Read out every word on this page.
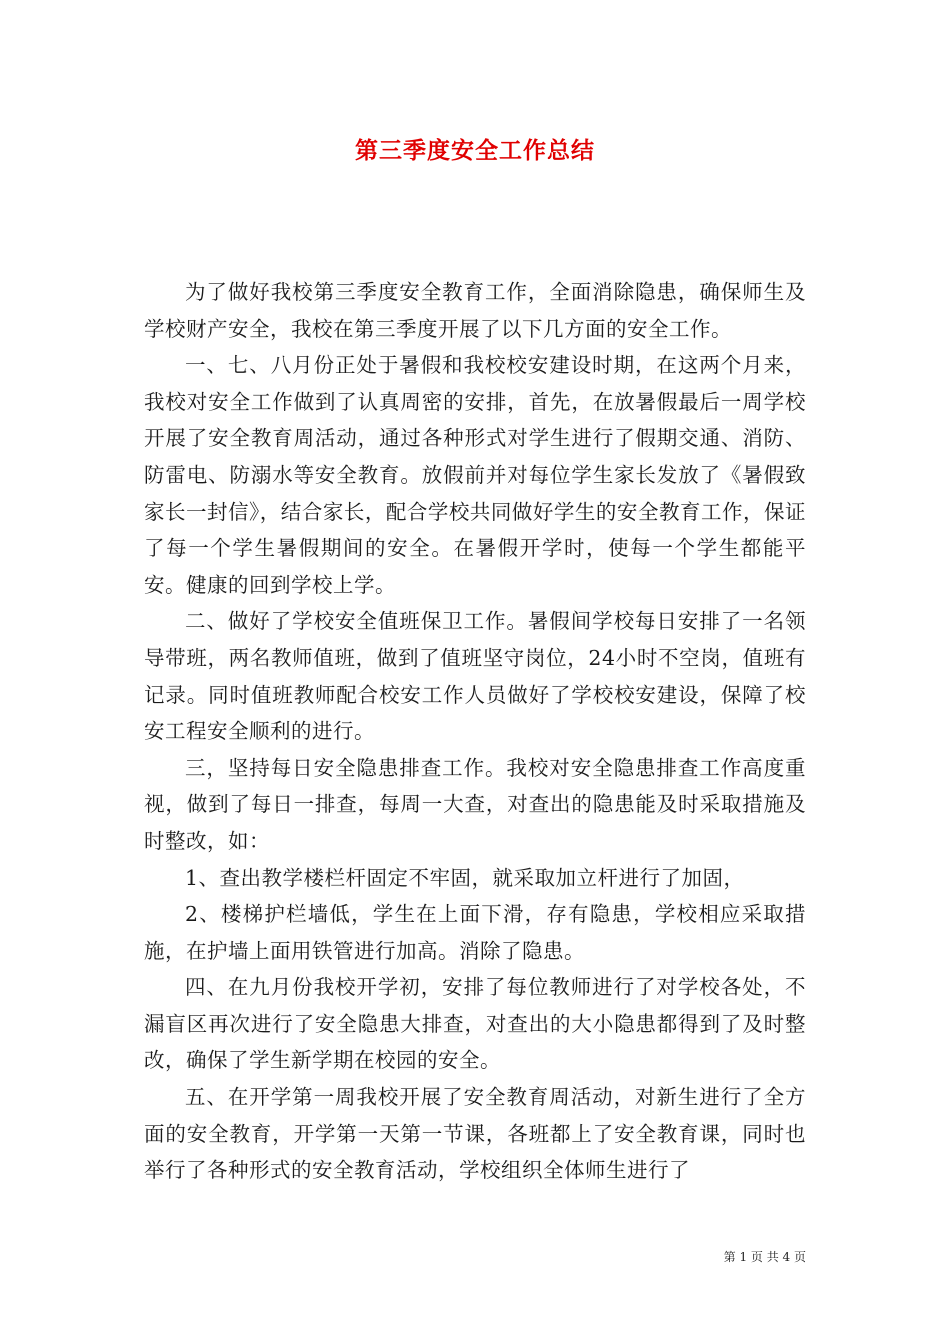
第三季度安全工作总结

为了做好我校第三季度安全教育工作，全面消除隐患，确保师生及学校财产安全，我校在第三季度开展了以下几方面的安全工作。

一、七、八月份正处于暑假和我校校安建设时期，在这两个月来，我校对安全工作做到了认真周密的安排，首先，在放暑假最后一周学校开展了安全教育周活动，通过各种形式对学生进行了假期交通、消防、防雷电、防溺水等安全教育。放假前并对每位学生家长发放了《暑假致家长一封信》，结合家长，配合学校共同做好学生的安全教育工作，保证了每一个学生暑假期间的安全。在暑假开学时，使每一个学生都能平安。健康的回到学校上学。

二、做好了学校安全值班保卫工作。暑假间学校每日安排了一名领导带班，两名教师值班，做到了值班坚守岗位，24小时不空岗，值班有记录。同时值班教师配合校安工作人员做好了学校校安建设，保障了校安工程安全顺利的进行。

三，坚持每日安全隐患排查工作。我校对安全隐患排查工作高度重视，做到了每日一排查，每周一大查，对查出的隐患能及时采取措施及时整改，如：

1、查出教学楼栏杆固定不牢固，就采取加立杆进行了加固，

2、楼梯护栏墙低，学生在上面下滑，存有隐患，学校相应采取措施，在护墙上面用铁管进行加高。消除了隐患。

四、在九月份我校开学初，安排了每位教师进行了对学校各处，不漏盲区再次进行了安全隐患大排查，对查出的大小隐患都得到了及时整改，确保了学生新学期在校园的安全。

五、在开学第一周我校开展了安全教育周活动，对新生进行了全方面的安全教育，开学第一天第一节课，各班都上了安全教育课，同时也举行了各种形式的安全教育活动，学校组织全体师生进行了

第 1 页 共 4 页
